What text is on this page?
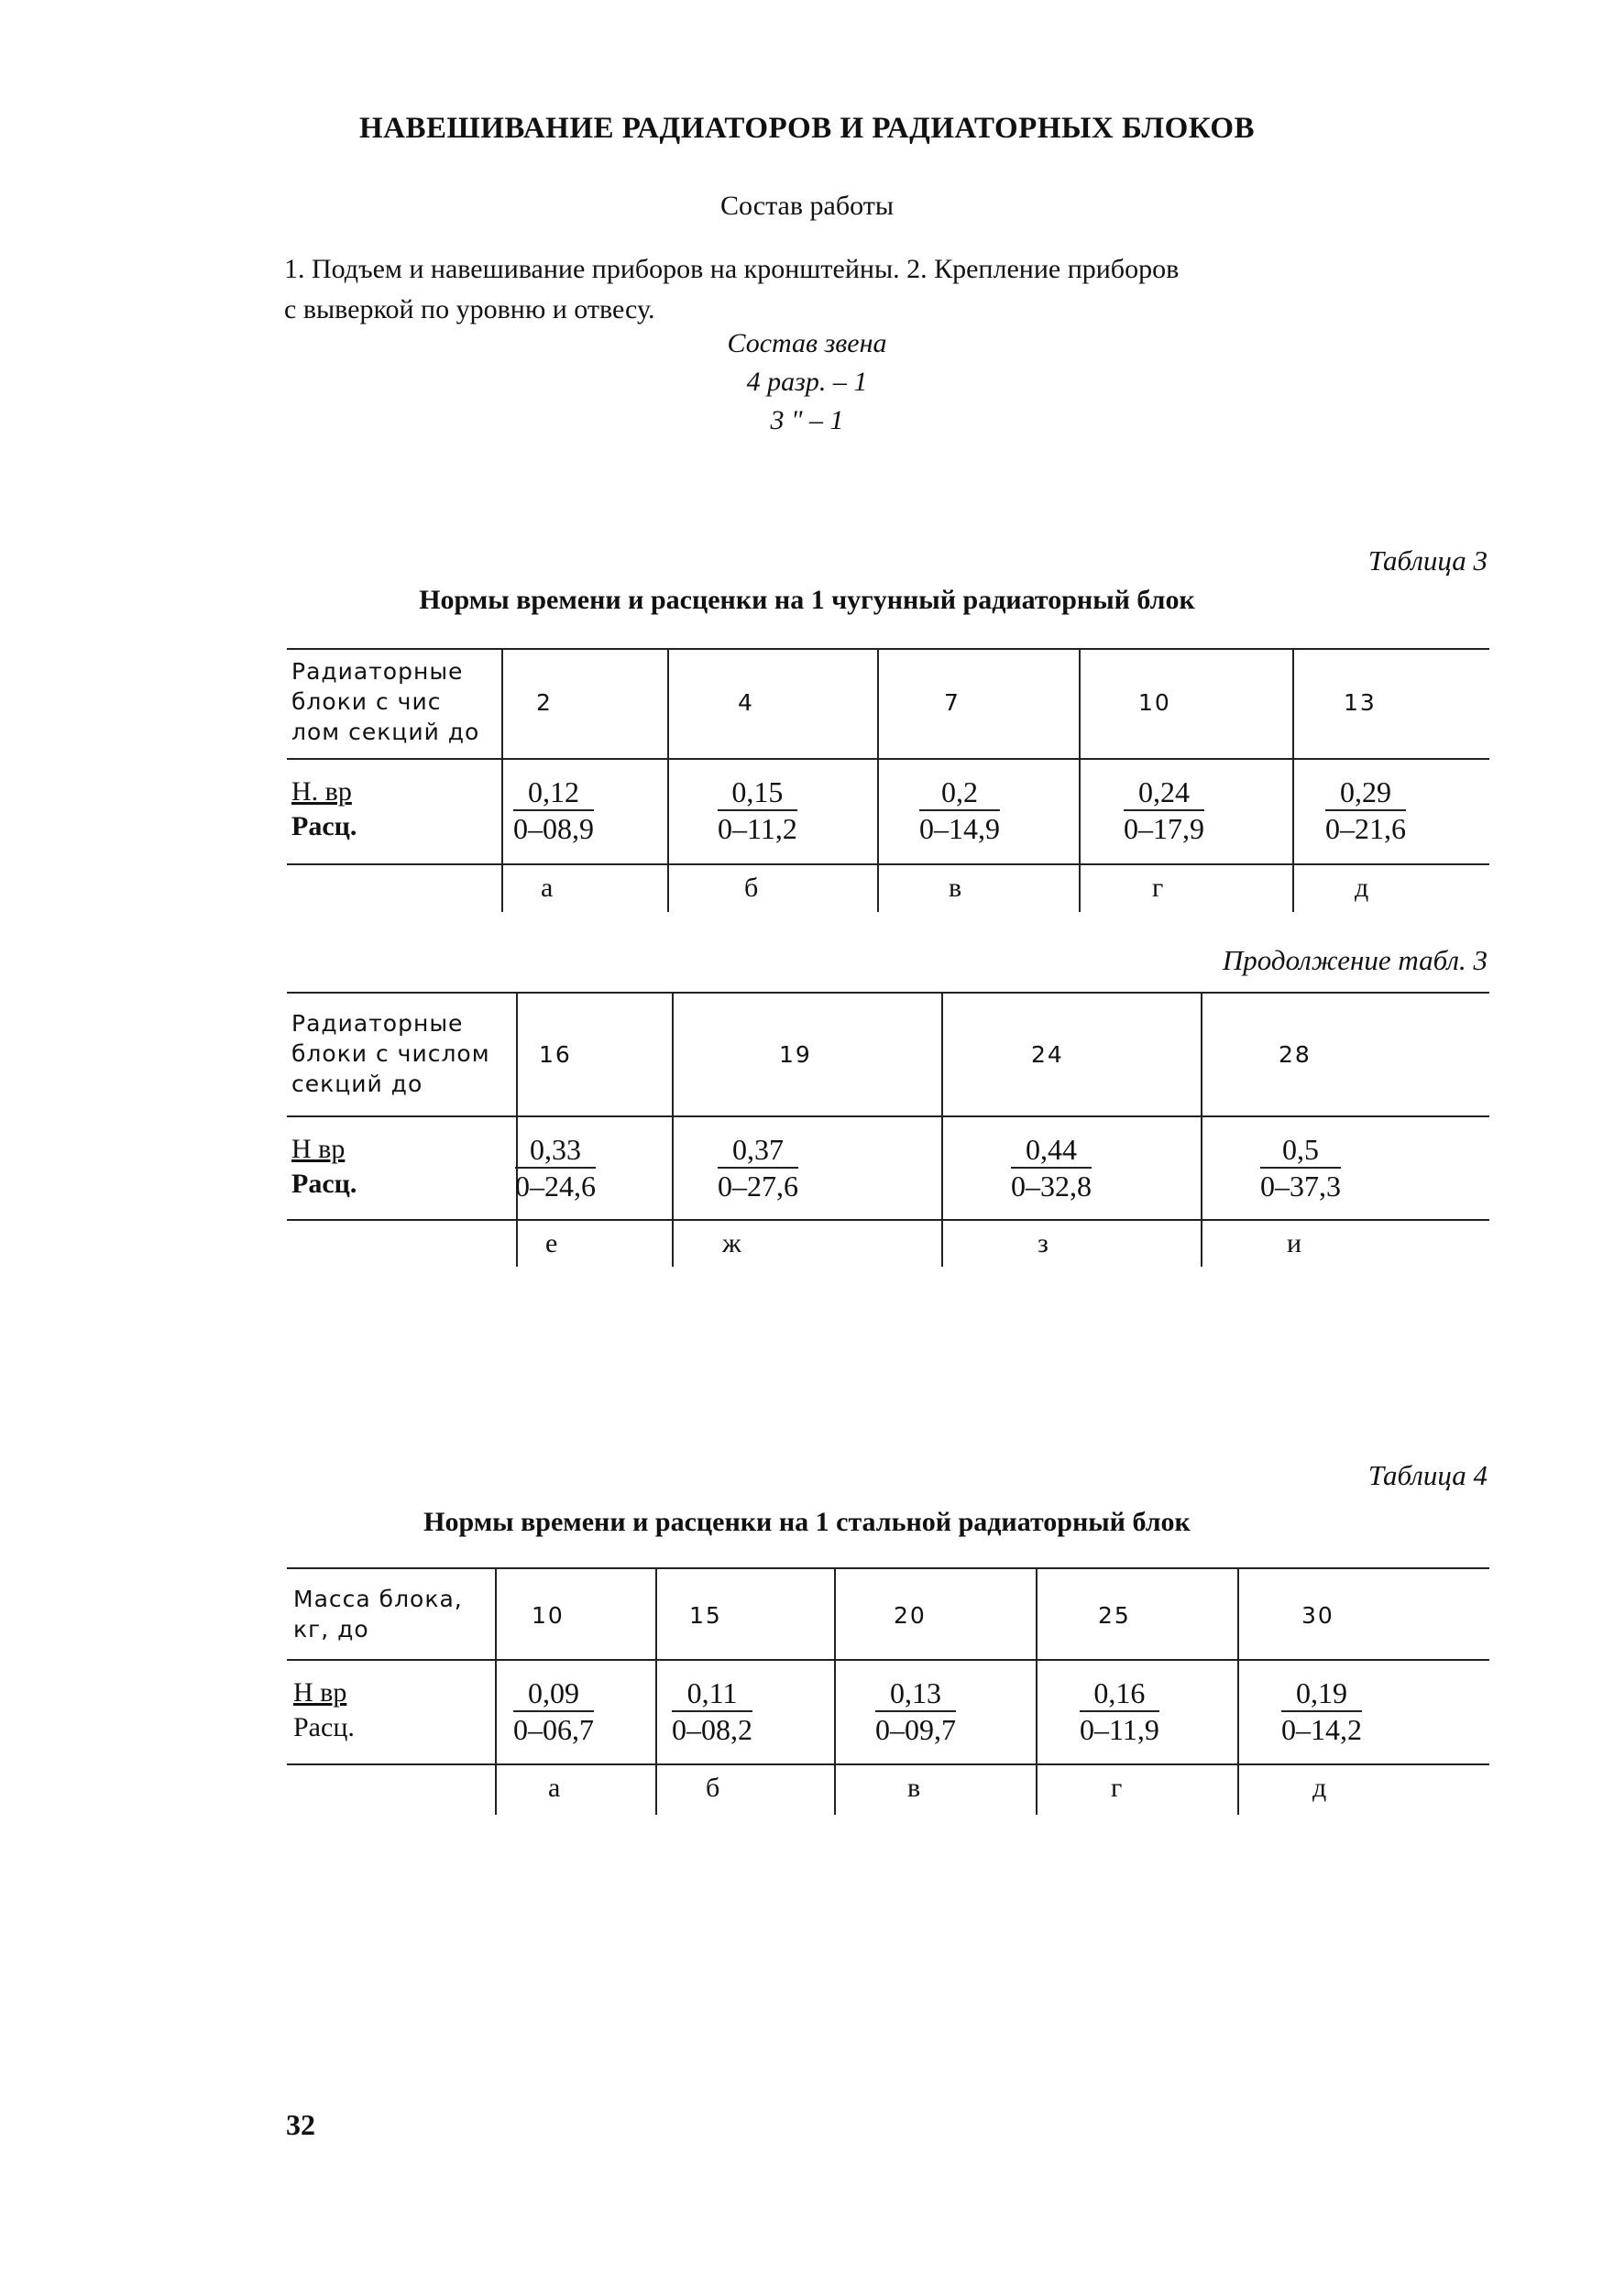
НАВЕШИВАНИЕ РАДИАТОРОВ И РАДИАТОРНЫХ БЛОКОВ
Состав работы
1. Подъем и навешивание приборов на кронштейны. 2. Крепление приборов
с выверкой по уровню и отвесу.
Состав звена
4 разр. – 1
3 " – 1
Таблица 3
Нормы времени и расценки на 1 чугунный радиаторный блок
Радиаторные
блоки с чис
лом секций до
2	4	7	10	13
Н. вр
Расц.	$\frac{0,12}{0-08,9}$	$\frac{0,15}{0-11,2}$	$\frac{0,2}{0-14,9}$	$\frac{0,24}{0-17,9}$	$\frac{0,29}{0-21,6}$
а	б	в	г	д
Продолжение табл. 3
Радиаторные
блоки с числом
секций до
16	19	24	28
Н вр
Расц.	$\frac{0,33}{0-24,6}$	$\frac{0,37}{0-27,6}$	$\frac{0,44}{0-32,8}$	$\frac{0,5}{0-37,3}$
е	ж	з	и
Таблица 4
Нормы времени и расценки на 1 стальной радиаторный блок
Масса блока,
кг, до
10	15	20	25	30
Н вр
Расц.	$\frac{0,09}{0-06,7}$	$\frac{0,11}{0-08,2}$	$\frac{0,13}{0-09,7}$	$\frac{0,16}{0-11,9}$	$\frac{0,19}{0-14,2}$
а	б	в	г	д
32
